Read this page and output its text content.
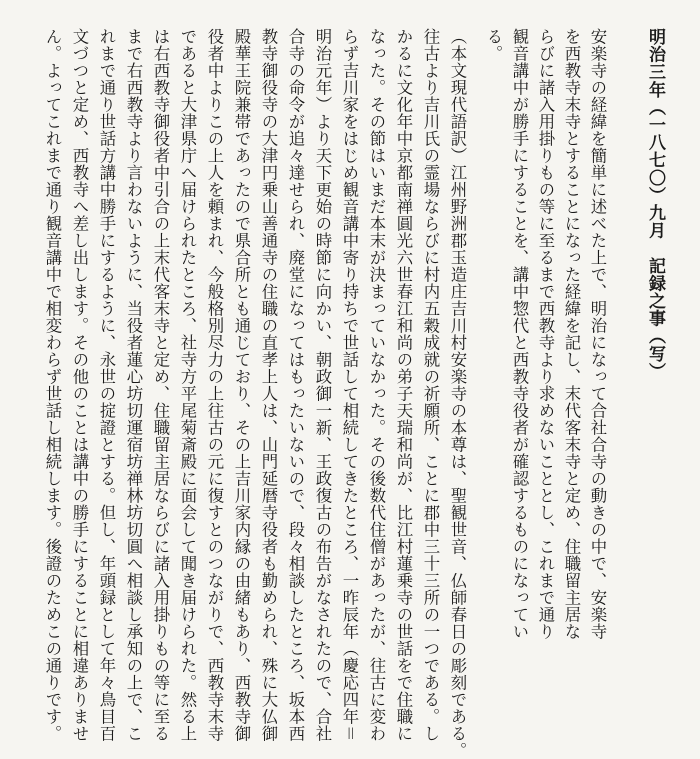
明治三年（一八七〇）九月　記録之事（写）
安楽寺の経緯を簡単に述べた上で、明治になって合社合寺の動きの中で、安楽寺
を西教寺末寺とすることになった経緯を記し、末代客末寺と定め、住職留主居な
らびに諸入用掛りもの等に至るまで西教寺より求めないこととし、これまで通り
観音講中が勝手にすることを、講中惣代と西教寺役者が確認するものになってい
る。
（本文現代語訳）江州野洲郡玉造庄吉川村安楽寺の本尊は、聖観世音、仏師春日の彫刻である。
往古より吉川氏の霊場ならびに村内五穀成就の祈願所、ことに郡中三十三所の一つである。し
かるに文化年中京都南禅圓光六世春江和尚の弟子天瑞和尚が、比江村蓮乗寺の世話をで住職に
なった。その節はいまだ本末が決まっていなかった。その後数代住僧があったが、往古に変わ
らず吉川家をはじめ観音講中寄り持ちで世話して相続してきたところ、一昨辰年（慶応四年＝
明治元年）より天下更始の時節に向かい、朝政御一新、王政復古の布告がなされたので、合社
合寺の命令が追々達せられ、廃堂になってはもったいないので、段々相談したところ、坂本西
教寺御役寺の大津円乗山善通寺の住職の直孝上人は、山門延暦寺役者も勤められ、殊に大仏御
殿華王院兼帯であったので県合所とも通じており、その上吉川家内縁の由緒もあり、西教寺御
役者中よりこの上人を頼まれ、今般格別尽力の上往古の元に復すとのつながりで、西教寺末寺
であると大津県庁へ届けられたところ、社寺方平尾菊斎殿に面会して聞き届けられた。然る上
は右西教寺御役者中引合の上末代客末寺と定め、住職留主居ならびに諸入用掛りもの等に至る
まで右西教寺より言わないように、当役者蓮心坊切運宿坊禅林坊切圓へ相談し承知の上で、こ
れまで通り世話方講中勝手にするように、永世の掟證とする。但し、年頭録として年々鳥目百
文づつと定め、西教寺へ差し出します。その他のことは講中の勝手にすることに相違ありませ
ん。よってこれまで通り観音講中で相変わらず世話し相続します。後證のためこの通りです。
